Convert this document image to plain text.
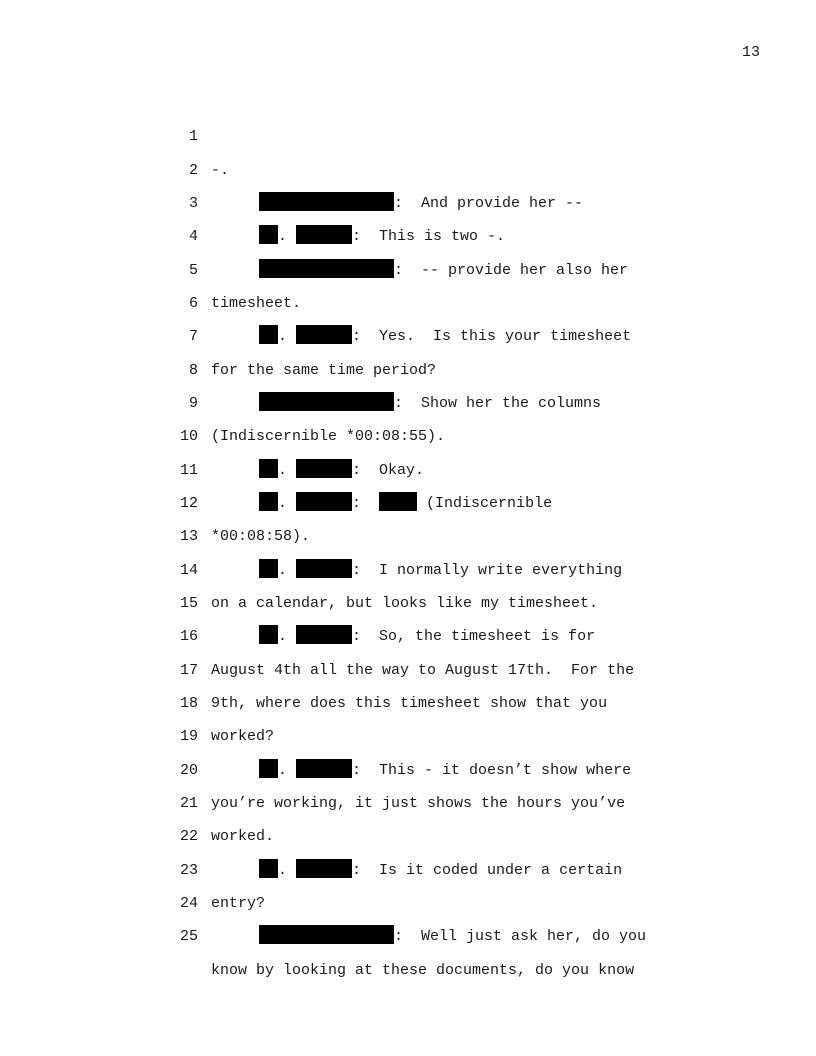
13

1

-.

2

:  And provide her --

3

.	:  This is two -.

4

:  -- provide her also her

5

timesheet.

6

.	:  Yes.  Is this your timesheet

7

for the same time period?

8

:  Show her the columns

9

(Indiscernible *00:08:55).

10

.	:  Okay.

11

.	:	(Indiscernible

12

*00:08:58).

13

.	:  I normally write everything

14

on a calendar, but looks like my timesheet.

15

.	:  So, the timesheet is for

16

August 4th all the way to August 17th.  For the

17

9th, where does this timesheet show that you

18

worked?

19

.	:  This - it doesn’t show where

20

you’re working, it just shows the hours you’ve

21

worked.

22

.	:  Is it coded under a certain

23

entry?

24

:  Well just ask her, do you

25

know by looking at these documents, do you know
